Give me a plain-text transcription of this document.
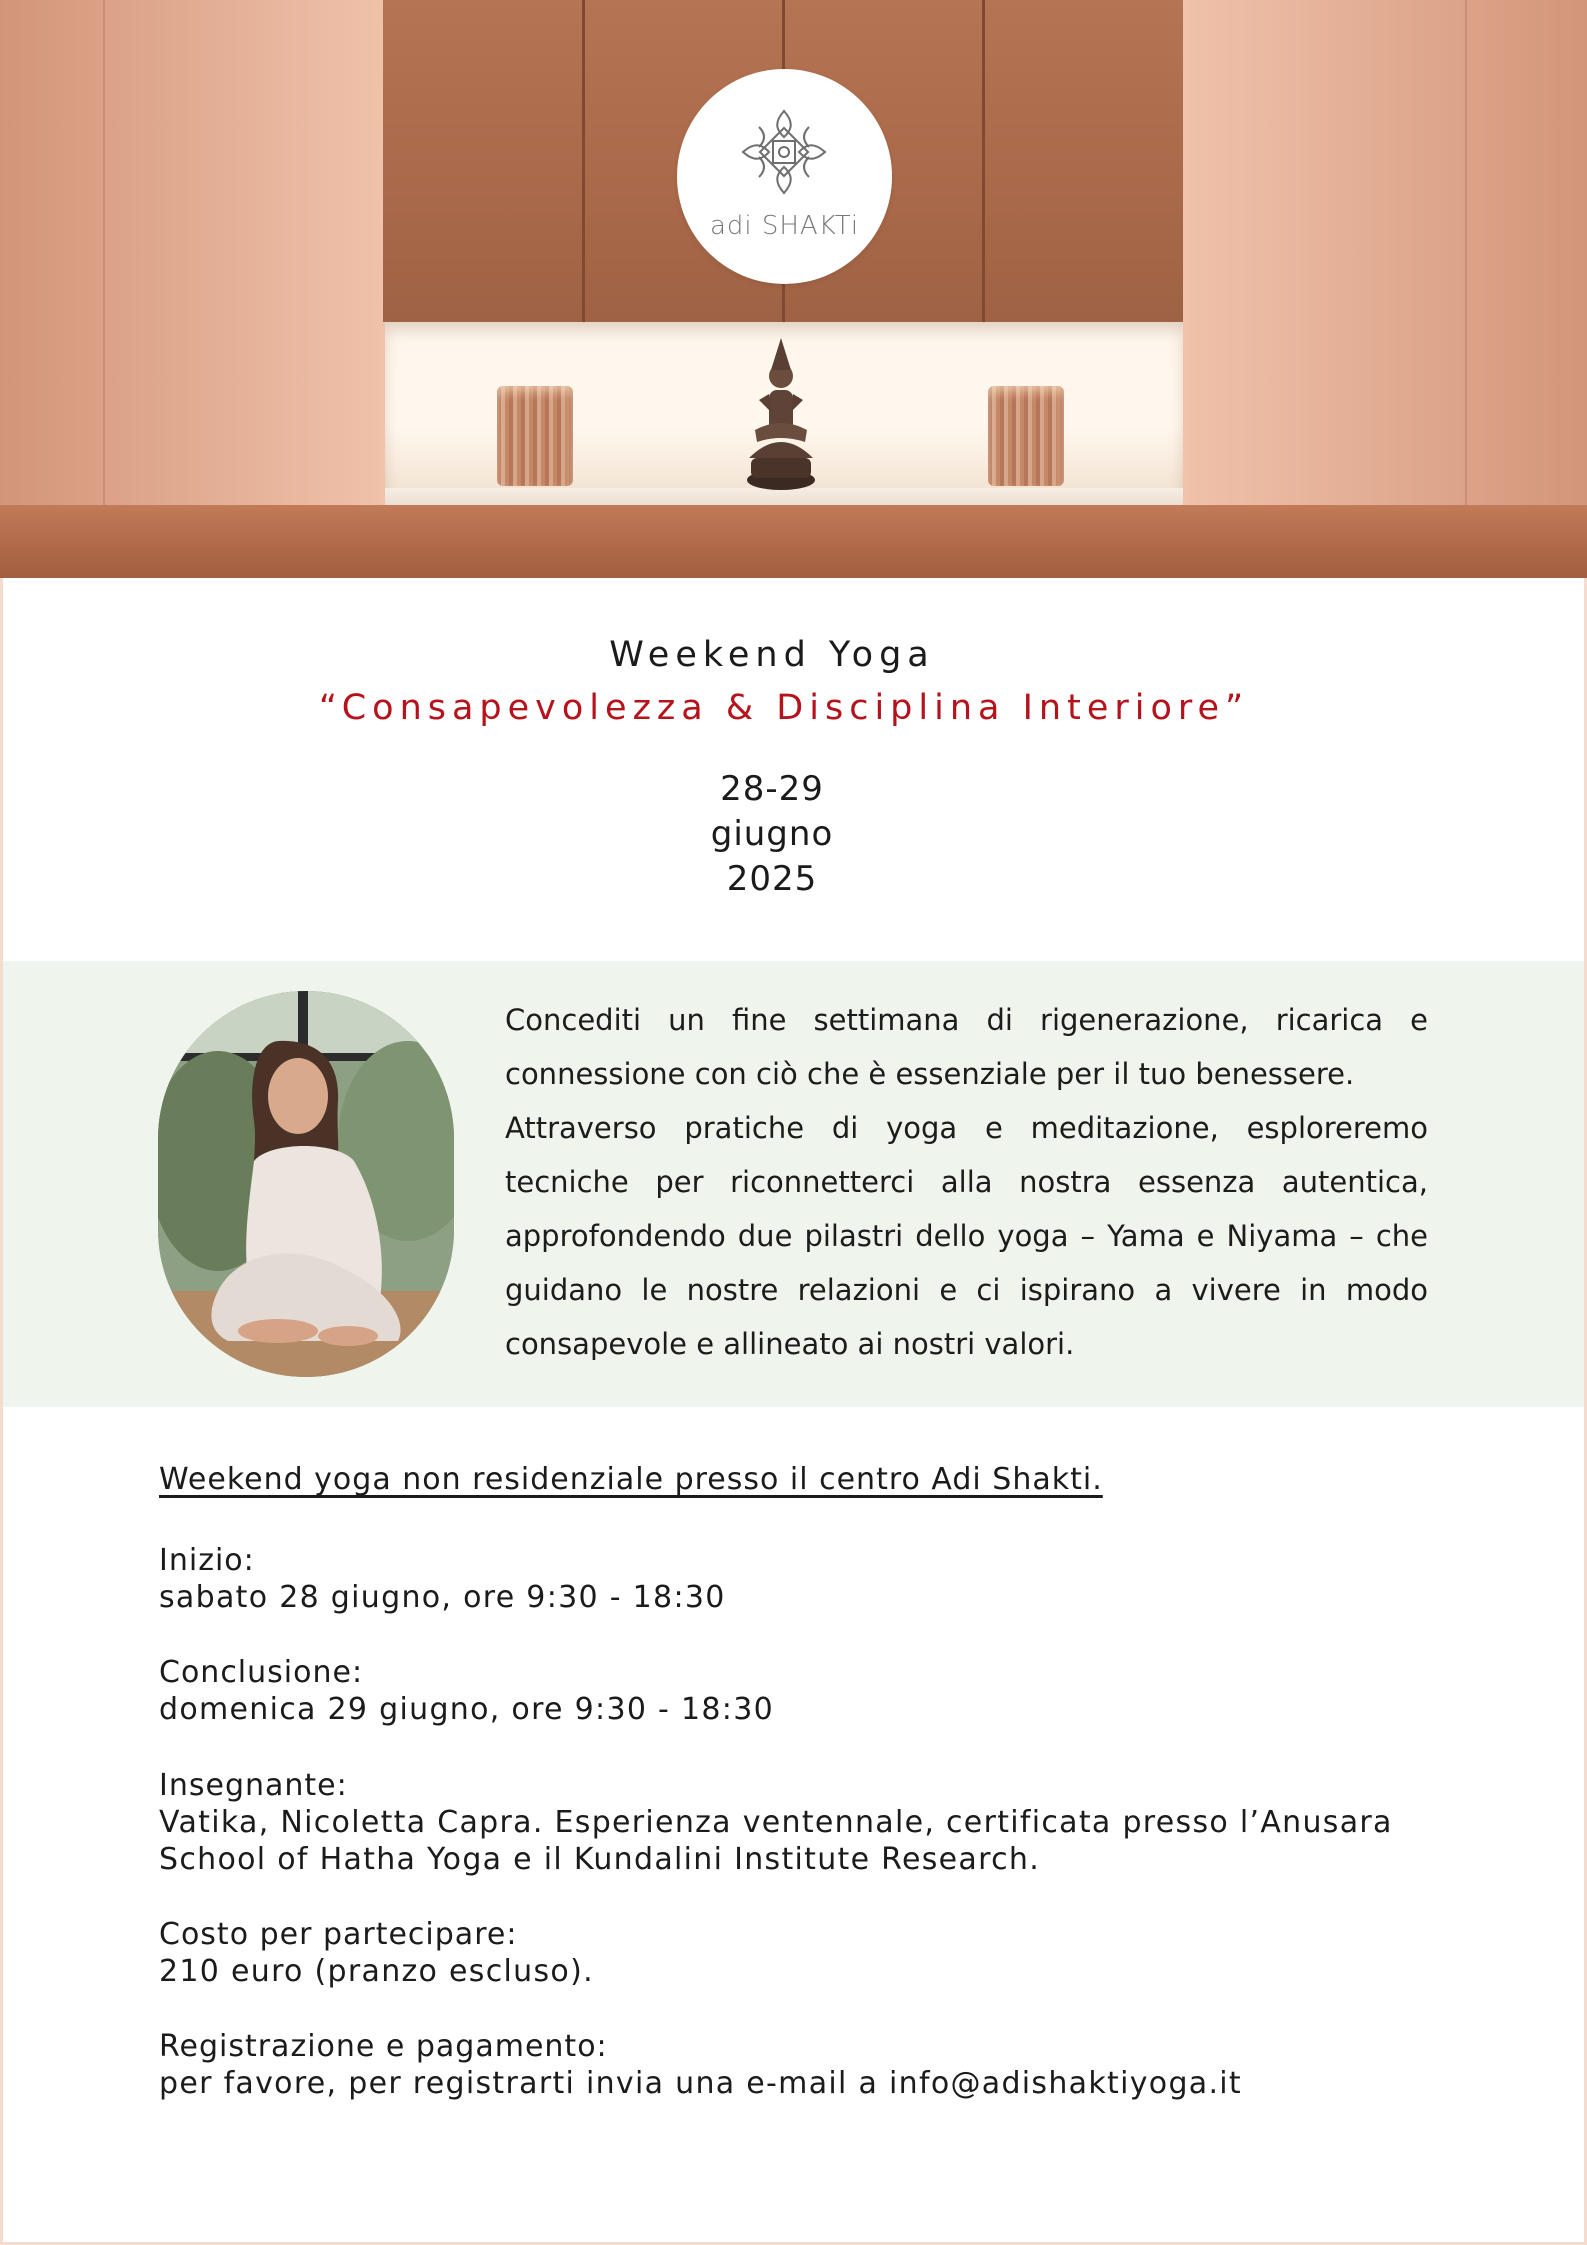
adi SHAKTi
Weekend Yoga
“Consapevolezza & Disciplina Interiore”
28-29
giugno
2025

Concediti un fine settimana di rigenerazione, ricarica e connessione con ciò che è essenziale per il tuo benessere.

Attraverso pratiche di yoga e meditazione, esploreremo tecniche per riconnetterci alla nostra essenza autentica, approfondendo due pilastri dello yoga – Yama e Niyama – che guidano le nostre relazioni e ci ispirano a vivere in modo consapevole e allineato ai nostri valori.

Weekend yoga non residenziale presso il centro Adi Shakti.

Inizio:
sabato 28 giugno, ore 9:30 - 18:30
Conclusione:
domenica 29 giugno, ore 9:30 - 18:30
Insegnante:
Vatika, Nicoletta Capra. Esperienza ventennale, certificata presso l’Anusara
School of Hatha Yoga e il Kundalini Institute Research.
Costo per partecipare:
210 euro (pranzo escluso).
Registrazione e pagamento:
per favore, per registrarti invia una e-mail a info@adishaktiyoga.it
